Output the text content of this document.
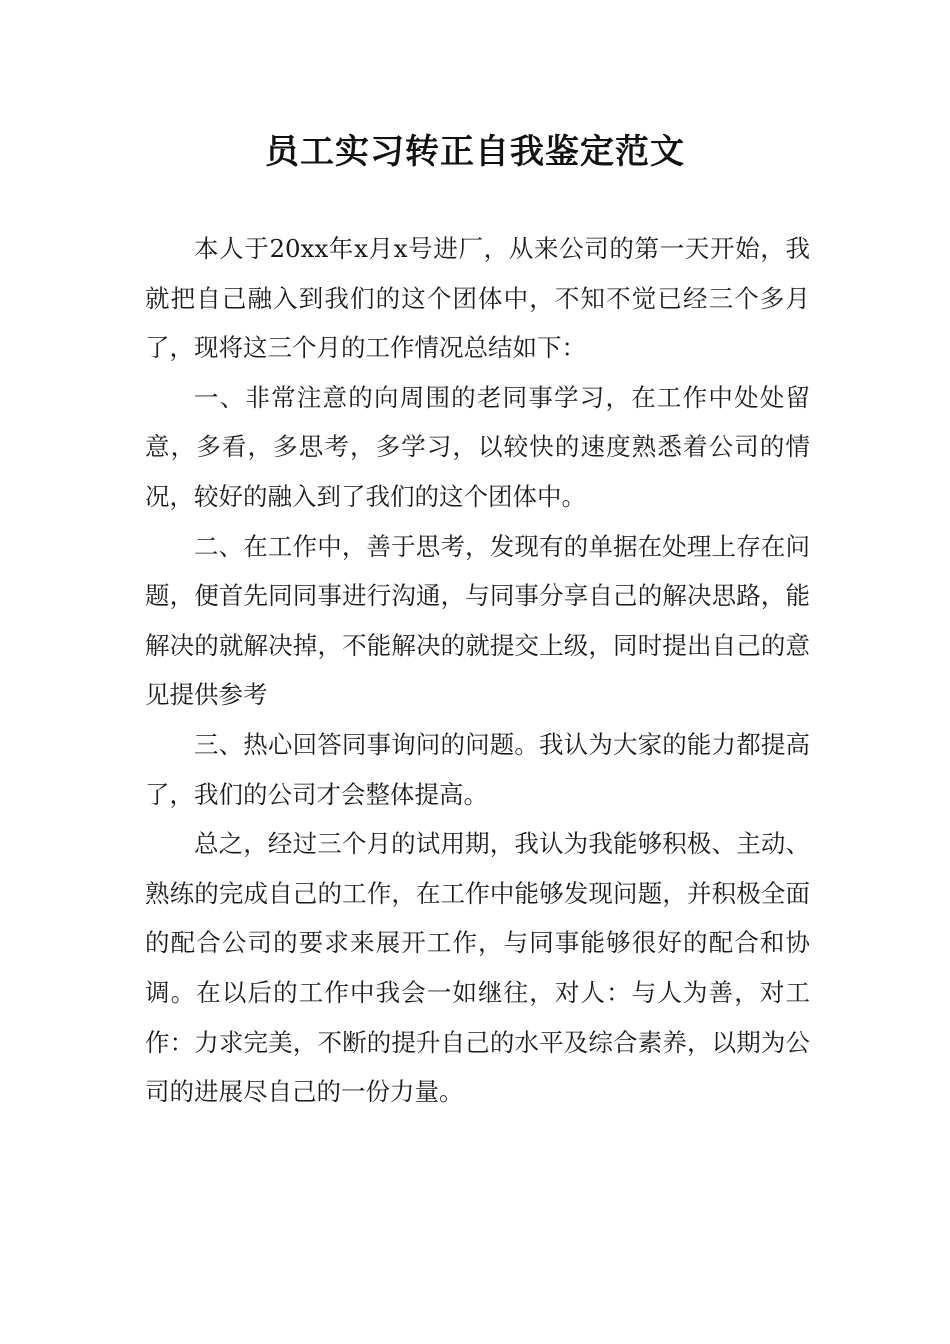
员工实习转正自我鉴定范文

本人于20xx年x月x号进厂，从来公司的第一天开始，我就把自己融入到我们的这个团体中，不知不觉已经三个多月了，现将这三个月的工作情况总结如下：

一、非常注意的向周围的老同事学习，在工作中处处留意，多看，多思考，多学习，以较快的速度熟悉着公司的情况，较好的融入到了我们的这个团体中。

二、在工作中，善于思考，发现有的单据在处理上存在问题，便首先同同事进行沟通，与同事分享自己的解决思路，能解决的就解决掉，不能解决的就提交上级，同时提出自己的意见提供参考

三、热心回答同事询问的问题。我认为大家的能力都提高了，我们的公司才会整体提高。

总之，经过三个月的试用期，我认为我能够积极、主动、熟练的完成自己的工作，在工作中能够发现问题，并积极全面的配合公司的要求来展开工作，与同事能够很好的配合和协调。在以后的工作中我会一如继往，对人：与人为善，对工作：力求完美，不断的提升自己的水平及综合素养，以期为公司的进展尽自己的一份力量。
